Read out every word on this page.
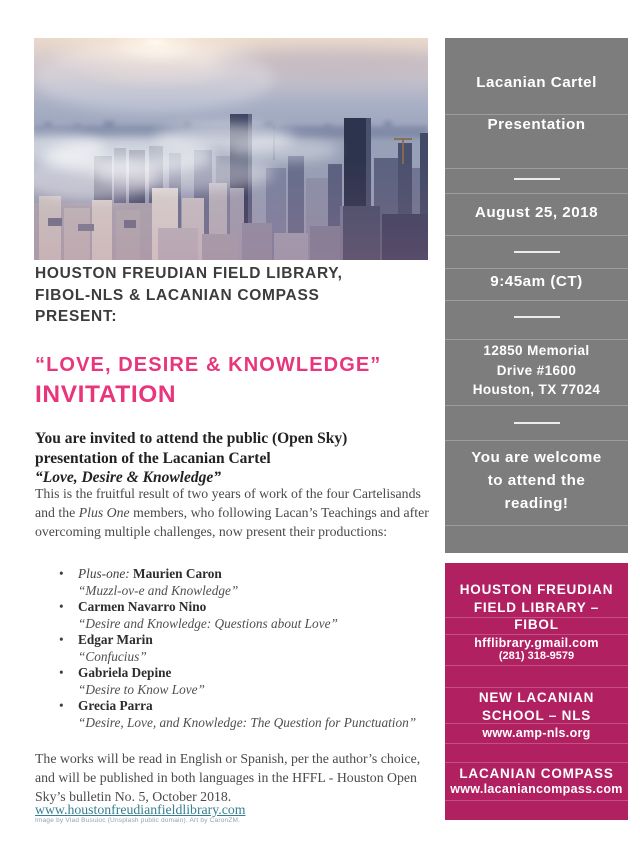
HOUSTON FREUDIAN FIELD LIBRARY,
FIBOL-NLS & LACANIAN COMPASS
PRESENT:
“LOVE, DESIRE & KNOWLEDGE”
INVITATION
You are invited to attend the public (Open Sky)
presentation of the Lacanian Cartel
“Love, Desire & Knowledge”

This is the fruitful result of two years of work of the four Cartelisands and the Plus One members, who following Lacan’s Teachings and after overcoming multiple challenges, now present their productions:

•	Plus-one: Maurien Caron
“Muzzl-ov-e and Knowledge”
•	Carmen Navarro Nino
“Desire and Knowledge: Questions about Love”
•	Edgar Marin
“Confucius”
•	Gabriela Depine
“Desire to Know Love”
•	Grecia Parra
“Desire, Love, and Knowledge: The Question for Punctuation”

The works will be read in English or Spanish, per the author’s choice, and will be published in both languages in the HFFL - Houston Open Sky’s bulletin No. 5, October 2018.

www.houstonfreudianfieldlibrary.com
Image by Vlad Busuioc (Unsplash public domain). Art by CaronZM.
Lacanian Cartel
Presentation
August 25, 2018
9:45am (CT)
12850 Memorial
Drive #1600
Houston, TX 77024
You are welcome
to attend the
reading!
HOUSTON FREUDIAN
FIELD LIBRARY –
FIBOL
hfflibrary.gmail.com
(281) 318-9579
NEW LACANIAN
SCHOOL – NLS
www.amp-nls.org
LACANIAN COMPASS
www.lacaniancompass.com
